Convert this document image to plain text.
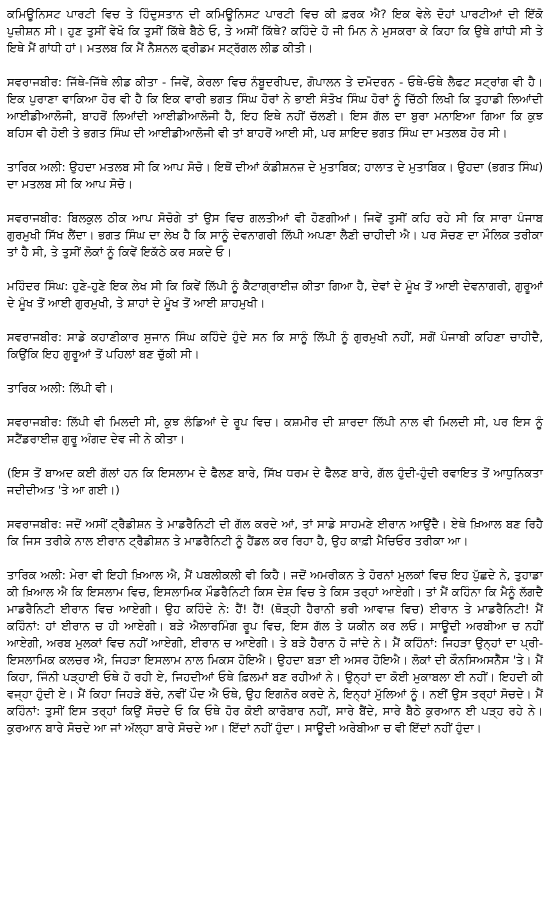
ਕਮਿਊਨਿਸਟ ਪਾਰਟੀ ਵਿਚ ਤੇ ਹਿੰਦੁਸਤਾਨ ਦੀ ਕਮਿਊਨਿਸਟ ਪਾਰਟੀ ਵਿਚ ਕੀ ਫ਼ਰਕ ਐ? ਇਕ ਵੇਲੇ ਦੋਹਾਂ ਪਾਰਟੀਆਂ ਦੀ ਇੱਕੋ ਪੁਜ਼ੀਸ਼ਨ ਸੀ। ਹੁਣ ਤੁਸੀਂ ਵੇਖੋ ਕਿ ਤੁਸੀਂ ਕਿੱਥੇ ਬੈਠੇ ਓ, ਤੇ ਅਸੀਂ ਕਿੱਥੇ? ਕਹਿੰਦੇ ਹੋ ਜੀ ਮਿਨ ਨੇ ਮੁਸਕਰਾ ਕੇ ਕਿਹਾ ਕਿ ਉਥੇ ਗਾਂਧੀ ਸੀ ਤੇ ਇਥੇ ਮੈਂ ਗਾਂਧੀ ਹਾਂ। ਮਤਲਬ ਕਿ ਮੈਂ ਨੈਸ਼ਨਲ ਫ੍ਰੀਡਮ ਸਟ੍ਰੱਗਲ ਲੀਡ ਕੀਤੀ।

ਸਵਰਾਜਬੀਰ: ਜਿੱਥੇ-ਜਿੱਥੇ ਲੀਡ ਕੀਤਾ - ਜਿਵੇਂ, ਕੇਰਲਾ ਵਿਚ ਨੰਬੂਦਰੀਪਦ, ਗੋਪਾਲਨ ਤੇ ਦਮੋਦਰਨ - ਓਥੇ-ਓਥੇ ਲੈਫਟ ਸਟ੍ਰਾਂਗ ਵੀ ਹੈ। ਇਕ ਪੁਰਾਣਾ ਵਾਕਿਆ ਹੋਰ ਵੀ ਹੈ ਕਿ ਇਕ ਵਾਰੀ ਭਗਤ ਸਿੰਘ ਹੋਰਾਂ ਨੇ ਭਾਈ ਸੰਤੋਖ ਸਿੰਘ ਹੋਰਾਂ ਨੂੰ ਚਿੱਠੀ ਲਿਖੀ ਕਿ ਤੁਹਾਡੀ ਲਿਆਂਦੀ ਆਈਡੀਆਲੋਜੀ, ਬਾਹਰੋਂ ਲਿਆਂਦੀ ਆਈਡੀਆਲੋਜੀ ਹੈ, ਇਹ ਇਥੇ ਨਹੀਂ ਚੱਲਣੀ। ਇਸ ਗੱਲ ਦਾ ਬੁਰਾ ਮਨਾਇਆ ਗਿਆ ਕਿ ਕੁਝ ਬਹਿਸ ਵੀ ਹੋਈ ਤੇ ਭਗਤ ਸਿੰਘ ਦੀ ਆਈਡੀਆਲੋਜੀ ਵੀ ਤਾਂ ਬਾਹਰੋਂ ਆਈ ਸੀ, ਪਰ ਸ਼ਾਇਦ ਭਗਤ ਸਿੰਘ ਦਾ ਮਤਲਬ ਹੋਰ ਸੀ।

ਤਾਰਿਕ ਅਲੀ: ਉਹਦਾ ਮਤਲਬ ਸੀ ਕਿ ਆਪ ਸੋਚੋ। ਇਥੋਂ ਦੀਆਂ ਕੰਡੀਸ਼ਨਜ਼ ਦੇ ਮੁਤਾਬਿਕ; ਹਾਲਾਤ ਦੇ ਮੁਤਾਬਿਕ। ਉਹਦਾ (ਭਗਤ ਸਿੰਘ) ਦਾ ਮਤਲਬ ਸੀ ਕਿ ਆਪ ਸੋਚੋ।

ਸਵਰਾਜਬੀਰ: ਬਿਲਕੁਲ ਠੀਕ ਆਪ ਸੋਚੋਗੇ ਤਾਂ ਉਸ ਵਿਚ ਗਲਤੀਆਂ ਵੀ ਹੋਣਗੀਆਂ। ਜਿਵੇਂ ਤੁਸੀਂ ਕਹਿ ਰਹੇ ਸੀ ਕਿ ਸਾਰਾ ਪੰਜਾਬ ਗੁਰਮੁਖੀ ਸਿੱਖ ਲੈਂਦਾ। ਭਗਤ ਸਿੰਘ ਦਾ ਲੇਖ ਹੈ ਕਿ ਸਾਨੂੰ ਦੇਵਨਾਗਰੀ ਲਿੱਪੀ ਅਪਣਾ ਲੈਣੀ ਚਾਹੀਦੀ ਐ। ਪਰ ਸੋਚਣ ਦਾ ਮੌਲਿਕ ਤਰੀਕਾ ਤਾਂ ਹੈ ਸੀ, ਤੇ ਤੁਸੀਂ ਲੋਕਾਂ ਨੂੰ ਕਿਵੇਂ ਇਕੱਠੇ ਕਰ ਸਕਦੇ ਓ।

ਮਹਿੰਦਰ ਸਿੰਘ: ਹੁਣੇ-ਹੁਣੇ ਇਕ ਲੇਖ ਸੀ ਕਿ ਕਿਵੇਂ ਲਿੱਪੀ ਨੂੰ ਕੈਟਾਗ੍ਰਾਈਜ਼ ਕੀਤਾ ਗਿਆ ਹੈ, ਦੇਵਾਂ ਦੇ ਮੂੰਖ ਤੋਂ ਆਈ ਦੇਵਨਾਗਰੀ, ਗੁਰੂਆਂ ਦੇ ਮੂੰਖ ਤੋਂ ਆਈ ਗੁਰਮੁਖੀ, ਤੇ ਸ਼ਾਹਾਂ ਦੇ ਮੂੰਖ ਤੋਂ ਆਈ ਸ਼ਾਹਮੁਖੀ।

ਸਵਰਾਜਬੀਰ: ਸਾਡੇ ਕਹਾਣੀਕਾਰ ਸੁਜਾਨ ਸਿੰਘ ਕਹਿੰਦੇ ਹੁੰਦੇ ਸਨ ਕਿ ਸਾਨੂੰ ਲਿੱਪੀ ਨੂੰ ਗੁਰਮੁਖੀ ਨਹੀਂ, ਸਗੋਂ ਪੰਜਾਬੀ ਕਹਿਣਾ ਚਾਹੀਦੈ, ਕਿਉਂਕਿ ਇਹ ਗੁਰੂਆਂ ਤੋਂ ਪਹਿਲਾਂ ਬਣ ਚੁੱਕੀ ਸੀ।

ਤਾਰਿਕ ਅਲੀ: ਲਿੱਪੀ ਵੀ।

ਸਵਰਾਜਬੀਰ: ਲਿੱਪੀ ਵੀ ਮਿਲਦੀ ਸੀ, ਕੁਝ ਲੰਡਿਆਂ ਦੇ ਰੂਪ ਵਿਚ। ਕਸ਼ਮੀਰ ਦੀ ਸ਼ਾਰਦਾ ਲਿੱਪੀ ਨਾਲ ਵੀ ਮਿਲਦੀ ਸੀ, ਪਰ ਇਸ ਨੂੰ ਸਟੈਂਡਰਾਈਜ਼ ਗੁਰੂ ਅੰਗਦ ਦੇਵ ਜੀ ਨੇ ਕੀਤਾ।

(ਇਸ ਤੋਂ ਬਾਅਦ ਕਈ ਗੱਲਾਂ ਹਨ ਕਿ ਇਸਲਾਮ ਦੇ ਫੈਲਣ ਬਾਰੇ, ਸਿੱਖ ਧਰਮ ਦੇ ਫੈਲਣ ਬਾਰੇ, ਗੱਲ ਹੁੰਦੀ-ਹੁੰਦੀ ਰਵਾਇਤ ਤੋਂ ਆਧੁਨਿਕਤਾ ਜਦੀਦੀਅਤ 'ਤੇ ਆ ਗਈ।)

ਸਵਰਾਜਬੀਰ: ਜਦੋਂ ਅਸੀਂ ਟ੍ਰੈਡੀਸ਼ਨ ਤੇ ਮਾਡਰੈਨਿਟੀ ਦੀ ਗੱਲ ਕਰਦੇ ਆਂ, ਤਾਂ ਸਾਡੇ ਸਾਹਮਣੇ ਈਰਾਨ ਆਉਂਦੈ। ਏਥੇ ਖ਼ਿਆਲ ਬਣ ਰਿਹੈ ਕਿ ਜਿਸ ਤਰੀਕੇ ਨਾਲ ਈਰਾਨ ਟ੍ਰੈਡੀਸ਼ਨ ਤੇ ਮਾਡਰੈਨਿਟੀ ਨੂੰ ਹੈਂਡਲ ਕਰ ਰਿਹਾ ਹੈ, ਉਹ ਕਾਫ਼ੀ ਮੈਚਿਓਰ ਤਰੀਕਾ ਆ।

ਤਾਰਿਕ ਅਲੀ: ਮੇਰਾ ਵੀ ਇਹੀ ਖ਼ਿਆਲ ਐ, ਮੈਂ ਪਬਲੀਕਲੀ ਵੀ ਕਿਹੈ। ਜਦੋਂ ਅਮਰੀਕਨ ਤੇ ਹੋਰਨਾਂ ਮੁਲਕਾਂ ਵਿਚ ਇਹ ਪੁੱਛਦੇ ਨੇ, ਤੁਹਾਡਾ ਕੀ ਖ਼ਿਆਲ ਐ ਕਿ ਇਸਲਾਮ ਵਿਚ, ਇਸਲਾਮਿਕ ਮੌਡਰੈਨਿਟੀ ਕਿਸ ਦੇਸ਼ ਵਿਚ ਤੇ ਕਿਸ ਤਰ੍ਹਾਂ ਆਏਗੀ। ਤਾਂ ਮੈਂ ਕਹਿੰਨਾ ਕਿ ਮੈਨੂੰ ਲੱਗਦੈ ਮਾਡਰੈਨਿਟੀ ਈਰਾਨ ਵਿਚ ਆਏਗੀ। ਉਹ ਕਹਿੰਦੇ ਨੇ: ਹੈਂ! ਹੈਂ! (ਥੋੜ੍ਹੀ ਹੈਰਾਨੀ ਭਰੀ ਆਵਾਜ਼ ਵਿਚ) ਈਰਾਨ ਤੇ ਮਾਡਰੈਨਿਟੀ! ਮੈਂ ਕਹਿੰਨਾਂ: ਹਾਂ ਈਰਾਨ ਚ ਹੀ ਆਏਗੀ। ਬੜੇ ਐਲਾਰਮਿੰਗ ਰੂਪ ਵਿਚ, ਇਸ ਗੱਲ ਤੇ ਯਕੀਨ ਕਰ ਲਓ। ਸਾਊਦੀ ਅਰਬੀਆ ਚ ਨਹੀਂ ਆਏਗੀ, ਅਰਬ ਮੁਲਕਾਂ ਵਿਚ ਨਹੀਂ ਆਏਗੀ, ਈਰਾਨ ਚ ਆਏਗੀ। ਤੇ ਬੜੇ ਹੈਰਾਨ ਹੋ ਜਾਂਦੇ ਨੇ। ਮੈਂ ਕਹਿੰਨਾਂ: ਜਿਹੜਾ ਉਨ੍ਹਾਂ ਦਾ ਪ੍ਰੀ-ਇਸਲਾਮਿਕ ਕਲਚਰ ਐ, ਜਿਹੜਾ ਇਸਲਾਮ ਨਾਲ ਮਿਕਸ ਹੋਇਐ। ਉਹਦਾ ਬੜਾ ਈ ਅਸਰ ਹੋਇਐ। ਲੋਕਾਂ ਦੀ ਕੌਨਸਿਅਸਨੈੱਸ 'ਤੇ। ਮੈਂ ਕਿਹਾ, ਜਿੰਨੀ ਪੜ੍ਹਾਈ ਓਥੇ ਹੋ ਰਹੀ ਏ, ਜਿਹਦੀਆਂ ਓਥੇ ਫ਼ਿਲਮਾਂ ਬਣ ਰਹੀਆਂ ਨੇ। ਉਨ੍ਹਾਂ ਦਾ ਕੋਈ ਮੁਕਾਬਲਾ ਈ ਨਹੀਂ। ਇਹਦੀ ਕੀ ਵਜ੍ਹਾ ਹੁੰਦੀ ਏ। ਮੈਂ ਕਿਹਾ ਜਿਹੜੇ ਬੱਚੇ, ਨਵੀਂ ਪੌਦ ਐ ਓਥੇ, ਉਹ ਇਗਨੋਰ ਕਰਦੇ ਨੇ, ਇਨ੍ਹਾਂ ਮੁੱਲਿਆਂ ਨੂੰ। ਨਈਂ ਉਸ ਤਰ੍ਹਾਂ ਸੋਚਦੇ। ਮੈਂ ਕਹਿੰਨਾਂ: ਤੁਸੀਂ ਇਸ ਤਰ੍ਹਾਂ ਕਿਉਂ ਸੋਚਦੇ ਓ ਕਿ ਓਥੇ ਹੋਰ ਕੋਈ ਕਾਰੋਬਾਰ ਨਹੀਂ, ਸਾਰੇ ਬੈਂਦੇ, ਸਾਰੇ ਬੈਠੇ ਕੁਰਆਨ ਈ ਪੜ੍ਹ ਰਹੇ ਨੇ। ਕੁਰਆਨ ਬਾਰੇ ਸੋਚਦੇ ਆ ਜਾਂ ਅੱਲ੍ਹਾ ਬਾਰੇ ਸੋਚਦੇ ਆ। ਇੱਦਾਂ ਨਹੀਂ ਹੁੰਦਾ। ਸਾਊਦੀ ਅਰੇਬੀਆ ਚ ਵੀ ਇੱਦਾਂ ਨਹੀਂ ਹੁੰਦਾ।
